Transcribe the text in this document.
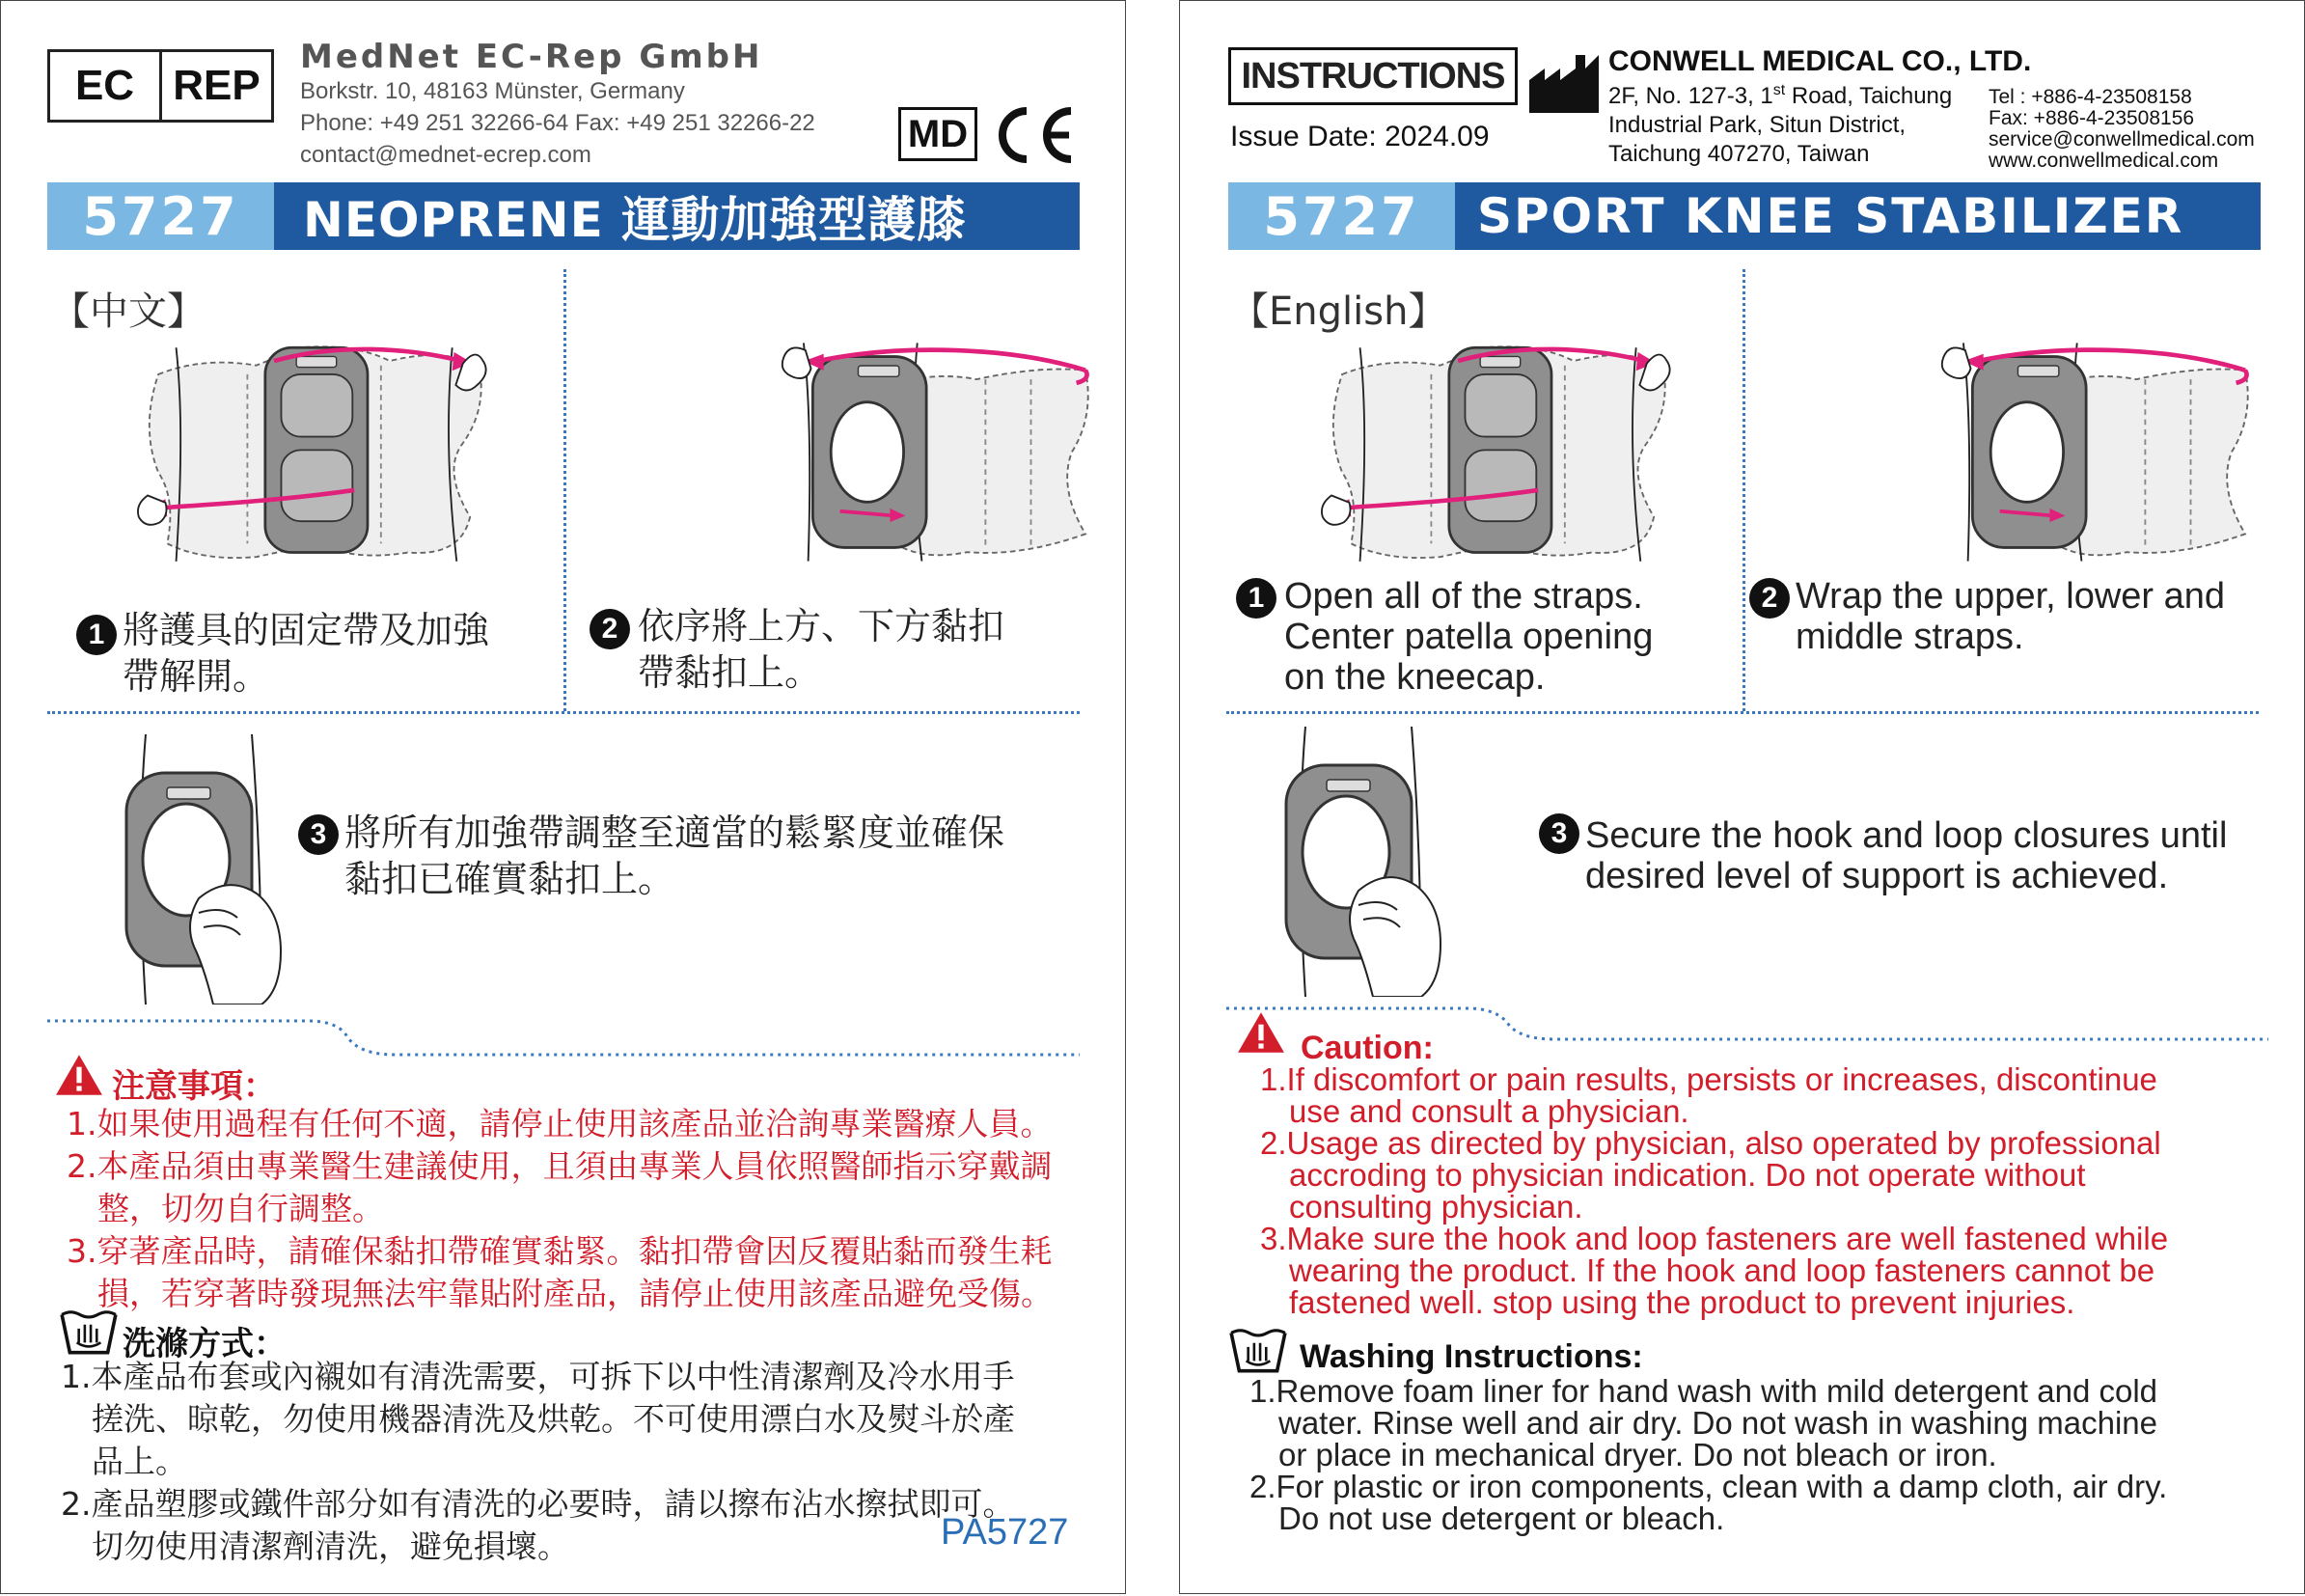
EC REP
MedNet EC-Rep GmbH
Borkstr. 10, 48163 Münster, Germany
Phone: +49 251 32266-64 Fax: +49 251 32266-22
contact@mednet-ecrep.com	MD
5727	NEOPRENE 運動加強型護膝
【中文】
1 將護具的固定帶及加強
帶解開。
2 依序將上方、下方黏扣
帶黏扣上。
3 將所有加強帶調整至適當的鬆緊度並確保
黏扣已確實黏扣上。
注意事項：
1.如果使用過程有任何不適，請停止使用該產品並洽詢專業醫療人員。
2.本產品須由專業醫生建議使用，且須由專業人員依照醫師指示穿戴調

整，切勿自行調整。
3.穿著產品時，請確保黏扣帶確實黏緊。黏扣帶會因反覆貼黏而發生耗

損，若穿著時發現無法牢靠貼附產品，請停止使用該產品避免受傷。
洗滌方式：
1.本產品布套或內襯如有清洗需要，可拆下以中性清潔劑及冷水用手

搓洗、晾乾，勿使用機器清洗及烘乾。不可使用漂白水及熨斗於產
品上。
2.產品塑膠或鐵件部分如有清洗的必要時，請以擦布沾水擦拭即可。

切勿使用清潔劑清洗，避免損壞。	PA5727
INSTRUCTIONS
Issue Date: 2024.09
CONWELL MEDICAL CO., LTD.
2F, No. 127-3, 1st Road, Taichung
Industrial Park, Situn District,
Taichung 407270, Taiwan
Tel : +886-4-23508158
Fax: +886-4-23508156
service@conwellmedical.com
www.conwellmedical.com
5727	SPORT KNEE STABILIZER
【English】
1 Open all of the straps.
Center patella opening
on the kneecap.
2 Wrap the upper, lower and
middle straps.
3 Secure the hook and loop closures until
desired level of support is achieved.
Caution:
1.If discomfort or pain results, persists or increases, discontinue

use and consult a physician.
2.Usage as directed by physician, also operated by professional

accroding to physician indication. Do not operate without
consulting physician.
3.Make sure the hook and loop fasteners are well fastened while

wearing the product. If the hook and loop fasteners cannot be
fastened well. stop using the product to prevent injuries.
Washing Instructions:
1.Remove foam liner for hand wash with mild detergent and cold

water. Rinse well and air dry. Do not wash in washing machine
or place in mechanical dryer. Do not bleach or iron.
2.For plastic or iron components, clean with a damp cloth, air dry.

Do not use detergent or bleach.
